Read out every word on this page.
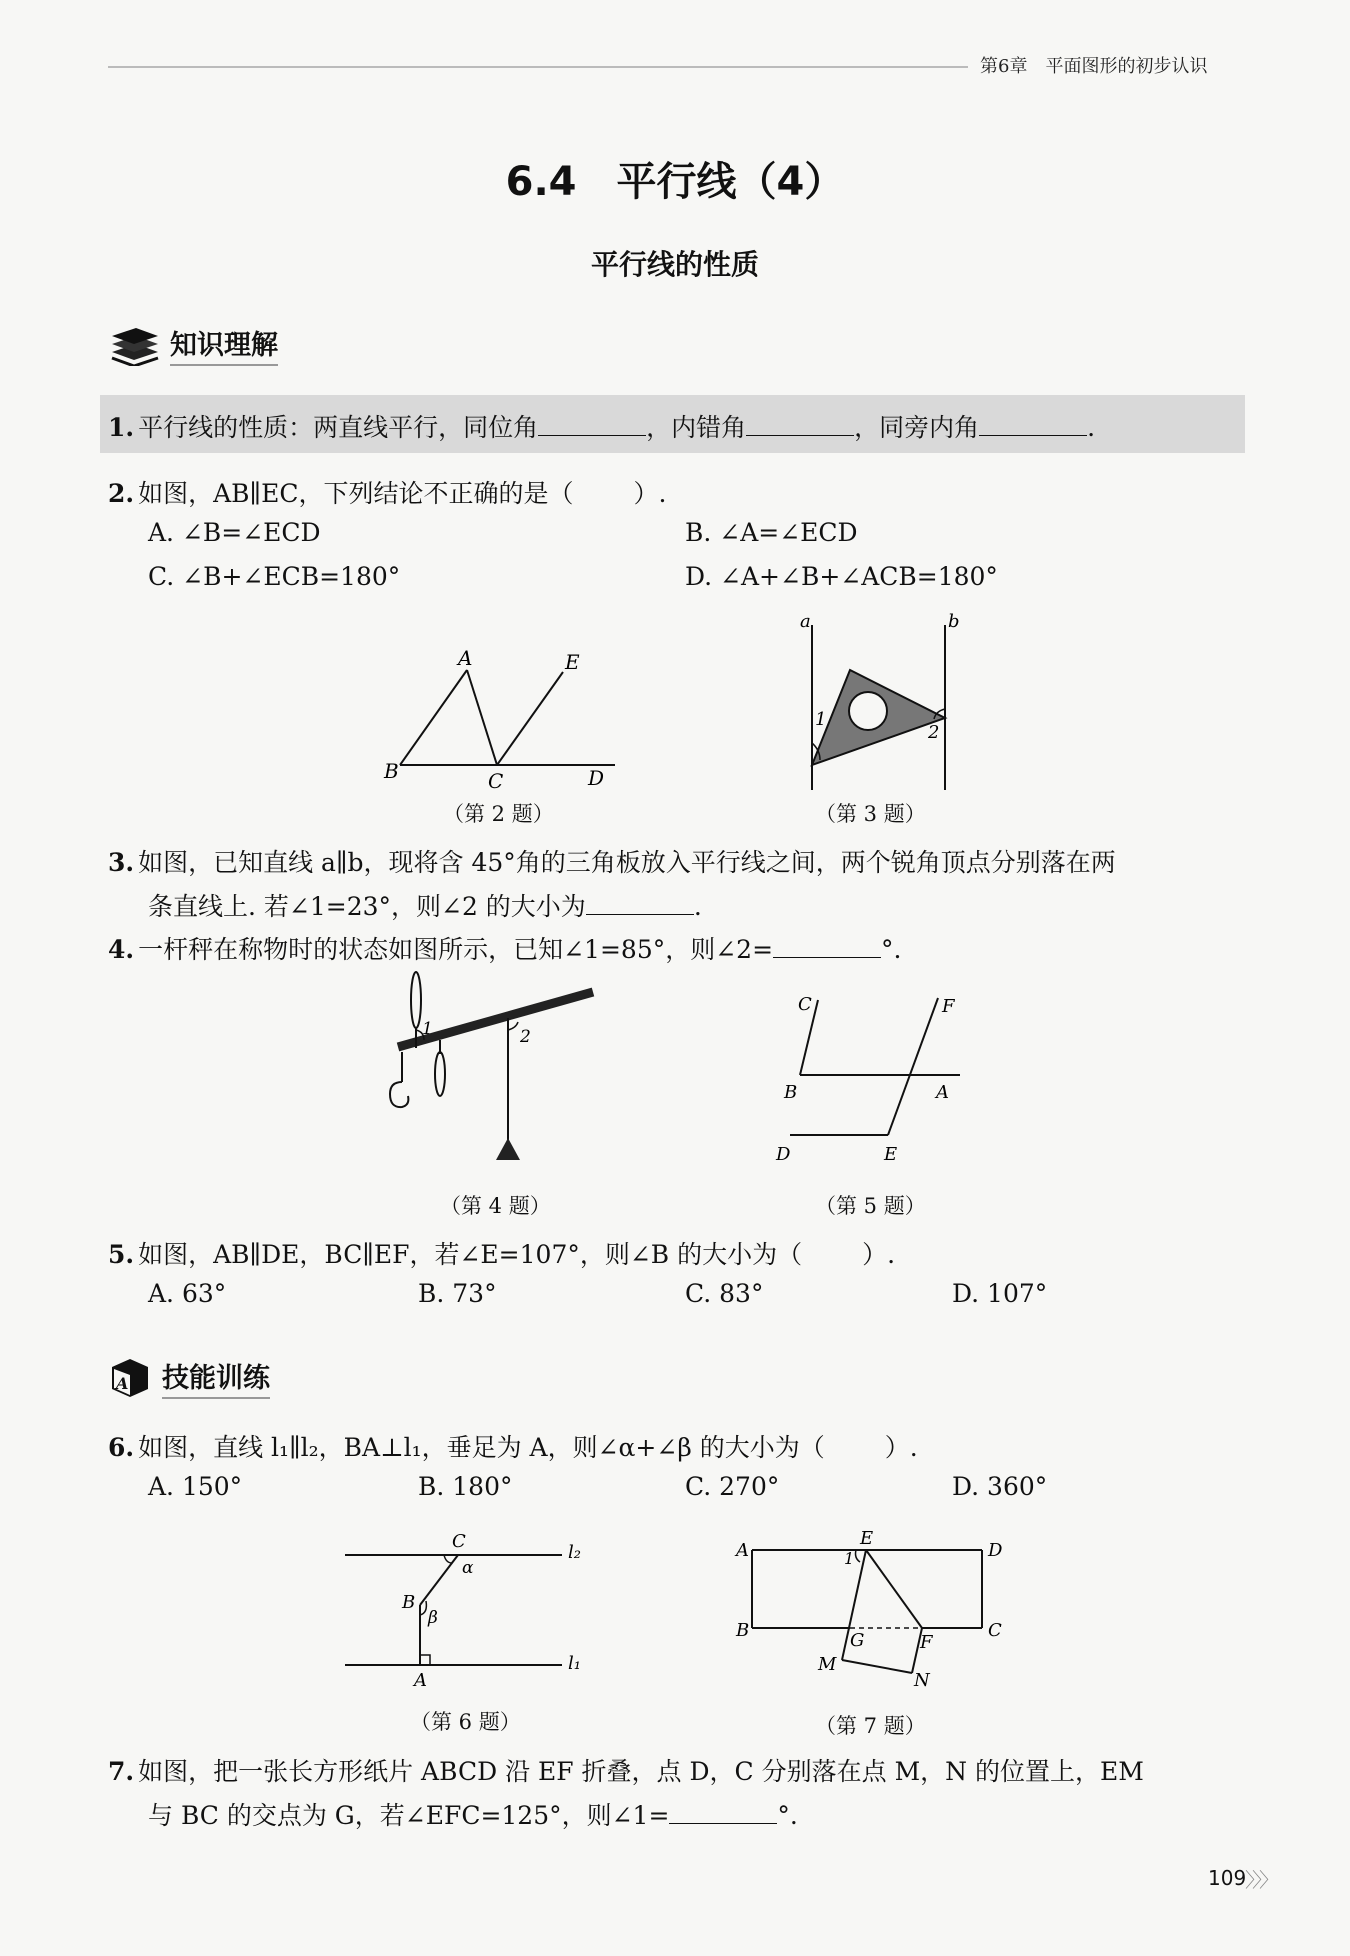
第6章　平面图形的初步认识
6.4　平行线（4）
平行线的性质
知识理解
1. 平行线的性质：两直线平行，同位角	，内错角	，同旁内角	.
2. 如图，AB∥EC，下列结论不正确的是（ ）.
A. ∠B=∠ECD	B. ∠A=∠ECD
C. ∠B+∠ECB=180°	D. ∠A+∠B+∠ACB=180°
A	E
B	C	D
（第 2 题）
a	b
1
2
（第 3 题）
3. 如图，已知直线 a∥b，现将含 45°角的三角板放入平行线之间，两个锐角顶点分别落在两
条直线上. 若∠1=23°，则∠2 的大小为	.
4. 一杆秤在称物时的状态如图所示，已知∠1=85°，则∠2=	°.
1	2
（第 4 题）
C	F
B	A
D	E
（第 5 题）
5. 如图，AB∥DE，BC∥EF，若∠E=107°，则∠B 的大小为（ ）.
A. 63°	B. 73°	C. 83°	D. 107°
A 技能训练
6. 如图，直线 l₁∥l₂，BA⊥l₁，垂足为 A，则∠α+∠β 的大小为（ ）.
A. 150°	B. 180°	C. 270°	D. 360°
C
α
l₂
B
β
A
l₁
（第 6 题）
A
E
D
1
B	G	F
C
M
N
（第 7 题）
7. 如图，把一张长方形纸片 ABCD 沿 EF 折叠，点 D，C 分别落在点 M，N 的位置上，EM
与 BC 的交点为 G，若∠EFC=125°，则∠1=	°.
109
〉〉〉
